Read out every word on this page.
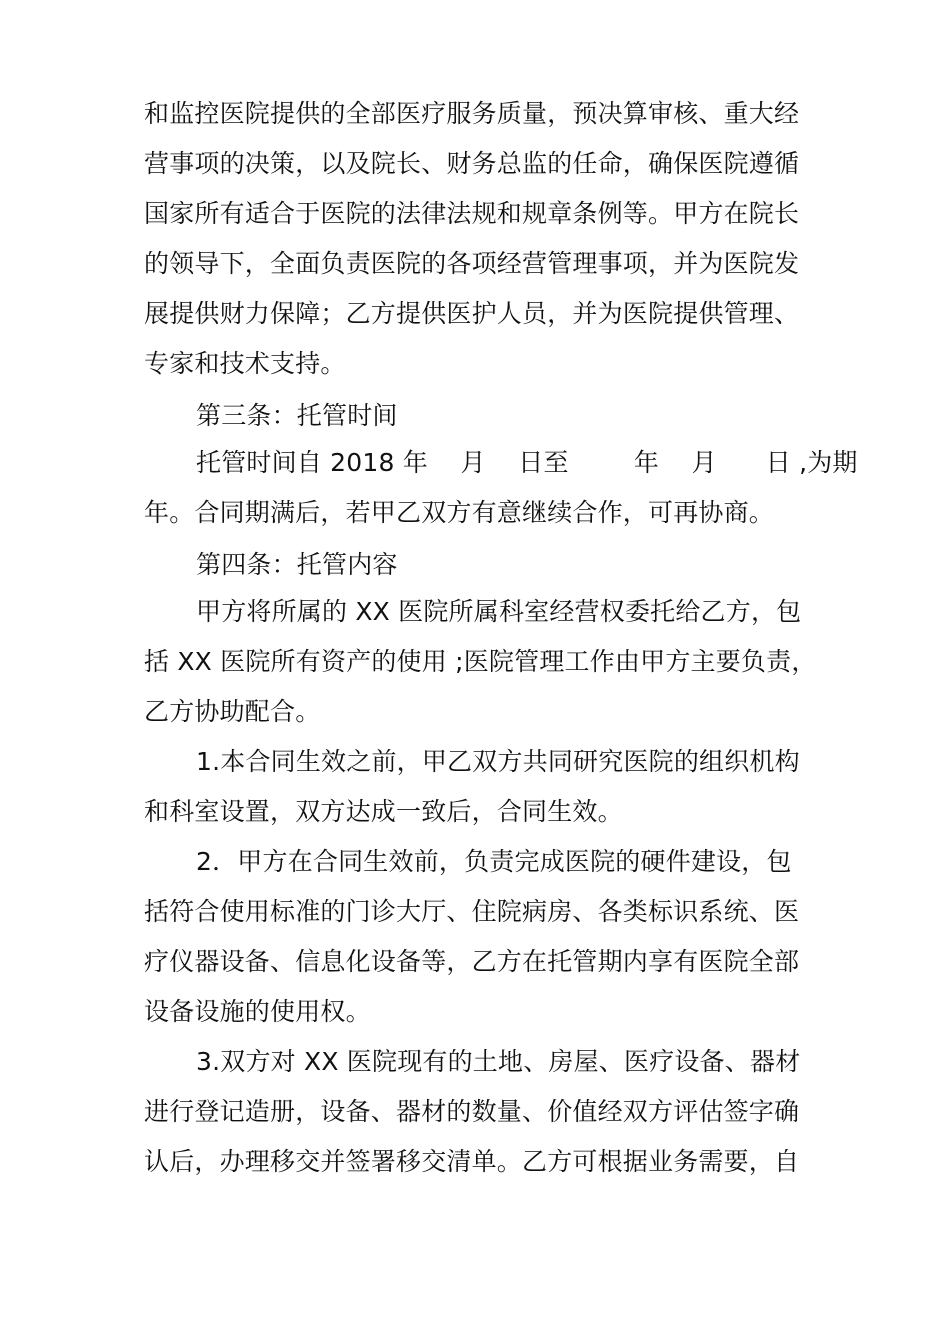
和监控医院提供的全部医疗服务质量，预决算审核、重大经
营事项的决策，以及院长、财务总监的任命，确保医院遵循
国家所有适合于医院的法律法规和规章条例等。甲方在院长
的领导下，全面负责医院的各项经营管理事项，并为医院发
展提供财力保障；乙方提供医护人员，并为医院提供管理、
专家和技术支持。
第三条：托管时间
托管时间自 2018 年    月    日至        年    月      日 ,为期
年。合同期满后，若甲乙双方有意继续合作，可再协商。
第四条：托管内容
甲方将所属的 XX 医院所属科室经营权委托给乙方，包
括 XX 医院所有资产的使用 ;医院管理工作由甲方主要负责，
乙方协助配合。
1.本合同生效之前，甲乙双方共同研究医院的组织机构
和科室设置，双方达成一致后，合同生效。
2．甲方在合同生效前，负责完成医院的硬件建设，包
括符合使用标准的门诊大厅、住院病房、各类标识系统、医
疗仪器设备、信息化设备等，乙方在托管期内享有医院全部
设备设施的使用权。
3.双方对 XX 医院现有的土地、房屋、医疗设备、器材
进行登记造册，设备、器材的数量、价值经双方评估签字确
认后，办理移交并签署移交清单。乙方可根据业务需要，自
